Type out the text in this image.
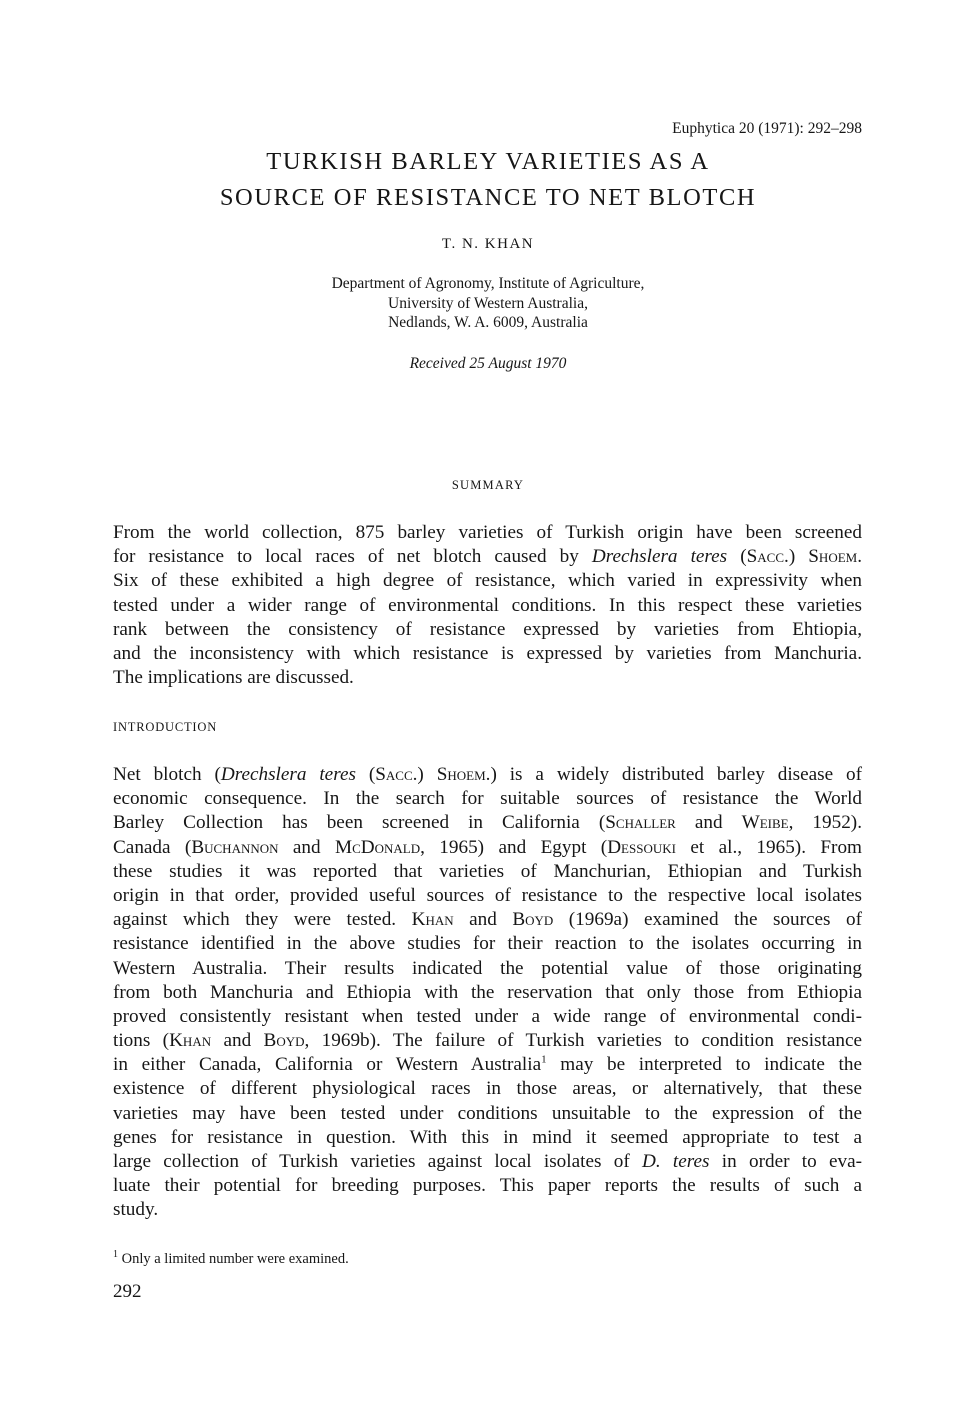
Euphytica 20 (1971): 292–298
TURKISH BARLEY VARIETIES AS A
SOURCE OF RESISTANCE TO NET BLOTCH
T. N. KHAN
Department of Agronomy, Institute of Agriculture,
University of Western Australia,
Nedlands, W. A. 6009, Australia
Received 25 August 1970
SUMMARY
From the world collection, 875 barley varieties of Turkish origin have been screened
for resistance to local races of net blotch caused by Drechslera teres (Sacc.) Shoem.
Six of these exhibited a high degree of resistance, which varied in expressivity when
tested under a wider range of environmental conditions. In this respect these varieties
rank between the consistency of resistance expressed by varieties from Ehtiopia,
and the inconsistency with which resistance is expressed by varieties from Manchuria.
The implications are discussed.
INTRODUCTION
Net blotch (Drechslera teres (Sacc.) Shoem.) is a widely distributed barley disease of
economic consequence. In the search for suitable sources of resistance the World
Barley Collection has been screened in California (Schaller and Weibe, 1952).
Canada (Buchannon and McDonald, 1965) and Egypt (Dessouki et al., 1965). From
these studies it was reported that varieties of Manchurian, Ethiopian and Turkish
origin in that order, provided useful sources of resistance to the respective local isolates
against which they were tested. Khan and Boyd (1969a) examined the sources of
resistance identified in the above studies for their reaction to the isolates occurring in
Western Australia. Their results indicated the potential value of those originating
from both Manchuria and Ethiopia with the reservation that only those from Ethiopia
proved consistently resistant when tested under a wide range of environmental condi-
tions (Khan and Boyd, 1969b). The failure of Turkish varieties to condition resistance
in either Canada, California or Western Australia$^1$ may be interpreted to indicate the
existence of different physiological races in those areas, or alternatively, that these
varieties may have been tested under conditions unsuitable to the expression of the
genes for resistance in question. With this in mind it seemed appropriate to test a
large collection of Turkish varieties against local isolates of D. teres in order to eva-
luate their potential for breeding purposes. This paper reports the results of such a
study.
$^1$ Only a limited number were examined.
292
